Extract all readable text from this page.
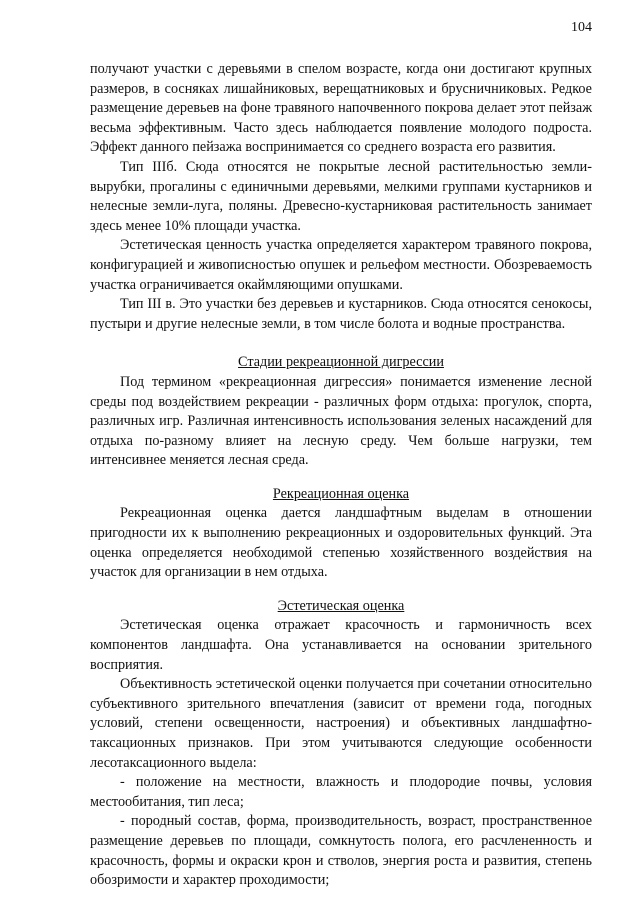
104

получают участки с деревьями в спелом возрасте, когда они достигают крупных размеров, в сосняках лишайниковых, верещатниковых и брусничниковых. Редкое размещение деревьев на фоне травяного напочвенного покрова делает этот пейзаж весьма эффективным. Часто здесь наблюдается появление молодого подроста. Эффект данного пейзажа воспринимается со среднего возраста его развития.

Тип IIIб. Сюда относятся не покрытые лесной растительностью земли-вырубки, прогалины с единичными деревьями, мелкими группами кустарников и нелесные земли-луга, поляны. Древесно-кустарниковая растительность занимает здесь менее 10% площади участка.

Эстетическая ценность участка определяется характером травяного покрова, конфигурацией и живописностью опушек и рельефом местности. Обозреваемость участка ограничивается окаймляющими опушками.

Тип III в. Это участки без деревьев и кустарников. Сюда относятся сенокосы, пустыри и другие нелесные земли, в том числе болота и водные пространства.

Стадии рекреационной дигрессии

Под термином «рекреационная дигрессия» понимается изменение лесной среды под воздействием рекреации - различных форм отдыха: прогулок, спорта, различных игр. Различная интенсивность использования зеленых насаждений для отдыха по-разному влияет на лесную среду. Чем больше нагрузки, тем интенсивнее меняется лесная среда.

Рекреационная оценка

Рекреационная оценка дается ландшафтным выделам в отношении пригодности их к выполнению рекреационных и оздоровительных функций. Эта оценка определяется необходимой степенью хозяйственного воздействия на участок для организации в нем отдыха.

Эстетическая оценка

Эстетическая оценка отражает красочность и гармоничность всех компонентов ландшафта. Она устанавливается на основании зрительного восприятия.

Объективность эстетической оценки получается при сочетании относительно субъективного зрительного впечатления (зависит от времени года, погодных условий, степени освещенности, настроения) и объективных ландшафтно-таксационных признаков. При этом учитываются следующие особенности лесотаксационного выдела:

- положение на местности, влажность и плодородие почвы, условия местообитания, тип леса;

- породный состав, форма, производительность, возраст, пространственное размещение деревьев по площади, сомкнутость полога, его расчлененность и красочность, формы и окраски крон и стволов, энергия роста и развития, степень обозримости и характер проходимости;
